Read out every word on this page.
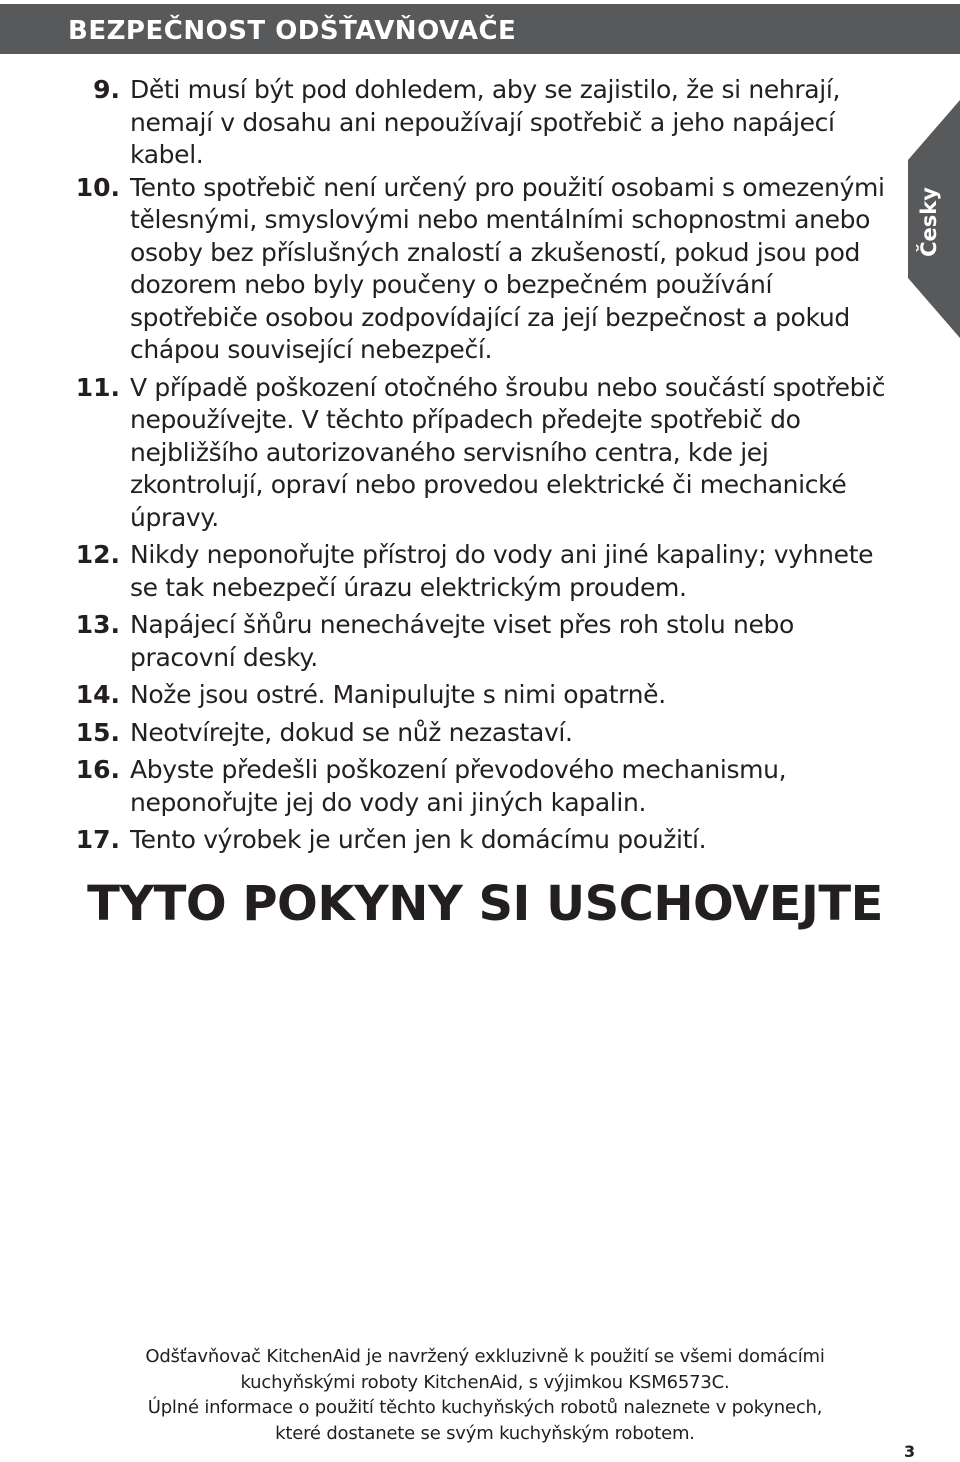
BEZPEČNOST ODŠŤAVŇOVAČE
Česky
9. Děti musí být pod dohledem, aby se zajistilo, že si nehrají, nemají v dosahu ani nepoužívají spotřebič a jeho napájecí kabel.
10. Tento spotřebič není určený pro použití osobami s omezenými tělesnými, smyslovými nebo mentálními schopnostmi anebo osoby bez příslušných znalostí a zkušeností, pokud jsou pod dozorem nebo byly poučeny o bezpečném používání spotřebiče osobou zodpovídající za její bezpečnost a pokud chápou související nebezpečí.
11. V případě poškození otočného šroubu nebo součástí spotřebič nepoužívejte. V těchto případech předejte spotřebič do nejbližšího autorizovaného servisního centra, kde jej zkontrolují, opraví nebo provedou elektrické či mechanické úpravy.
12. Nikdy neponořujte přístroj do vody ani jiné kapaliny; vyhnete se tak nebezpečí úrazu elektrickým proudem.
13. Napájecí šňůru nenechávejte viset přes roh stolu nebo pracovní desky.
14. Nože jsou ostré. Manipulujte s nimi opatrně.
15. Neotvírejte, dokud se nůž nezastaví.
16. Abyste předešli poškození převodového mechanismu, neponořujte jej do vody ani jiných kapalin.
17. Tento výrobek je určen jen k domácímu použití.
TYTO POKYNY SI USCHOVEJTE

Odšťavňovač KitchenAid je navržený exkluzivně k použití se všemi domácími kuchyňskými roboty KitchenAid, s výjimkou KSM6573C.

Úplné informace o použití těchto kuchyňských robotů naleznete v pokynech, které dostanete se svým kuchyňským robotem.

3
